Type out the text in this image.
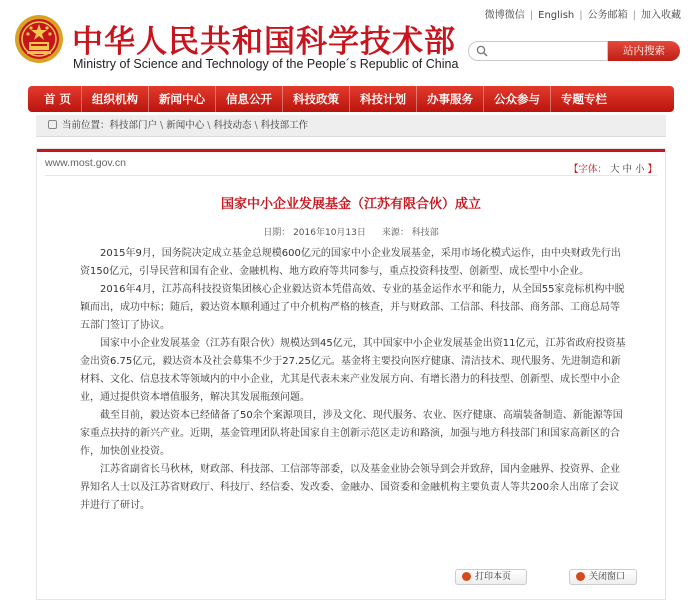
中华人民共和国科学技术部
Ministry of Science and Technology of the People´s Republic of China
微博微信 | English | 公务邮箱 | 加入收藏
站内搜索
首 页	组织机构	新闻中心	信息公开	科技政策	科技计划	办事服务	公众参与	专题专栏
当前位置：科技部门户 \ 新闻中心 \ 科技动态 \ 科技部工作
www.most.gov.cn
【字体： 大 中 小 】
国家中小企业发展基金（江苏有限合伙）成立
日期： 2016年10月13日 来源： 科技部

2015年9月，国务院决定成立基金总规模600亿元的国家中小企业发展基金，采用市场化模式运作，由中央财政先行出资150亿元，引导民营和国有企业、金融机构、地方政府等共同参与，重点投资科技型、创新型、成长型中小企业。

2016年4月，江苏高科技投资集团核心企业毅达资本凭借高效、专业的基金运作水平和能力，从全国55家竞标机构中脱颖而出，成功中标；随后，毅达资本顺利通过了中介机构严格的核查，并与财政部、工信部、科技部、商务部、工商总局等五部门签订了协议。

国家中小企业发展基金（江苏有限合伙）规模达到45亿元，其中国家中小企业发展基金出资11亿元，江苏省政府投资基金出资6.75亿元，毅达资本及社会募集不少于27.25亿元。基金将主要投向医疗健康、清洁技术、现代服务、先进制造和新材料、文化、信息技术等领域内的中小企业，尤其是代表未来产业发展方向、有增长潜力的科技型、创新型、成长型中小企业，通过提供资本增值服务，解决其发展瓶颈问题。

截至目前，毅达资本已经储备了50余个案源项目，涉及文化、现代服务、农业、医疗健康、高端装备制造、新能源等国家重点扶持的新兴产业。近期，基金管理团队将赴国家自主创新示范区走访和路演，加强与地方科技部门和国家高新区的合作，加快创业投资。

江苏省副省长马秋林，财政部、科技部、工信部等部委，以及基金业协会领导到会并致辞，国内金融界、投资界、企业界知名人士以及江苏省财政厅、科技厅、经信委、发改委、金融办、国资委和金融机构主要负责人等共200余人出席了会议并进行了研讨。

打印本页	关闭窗口
